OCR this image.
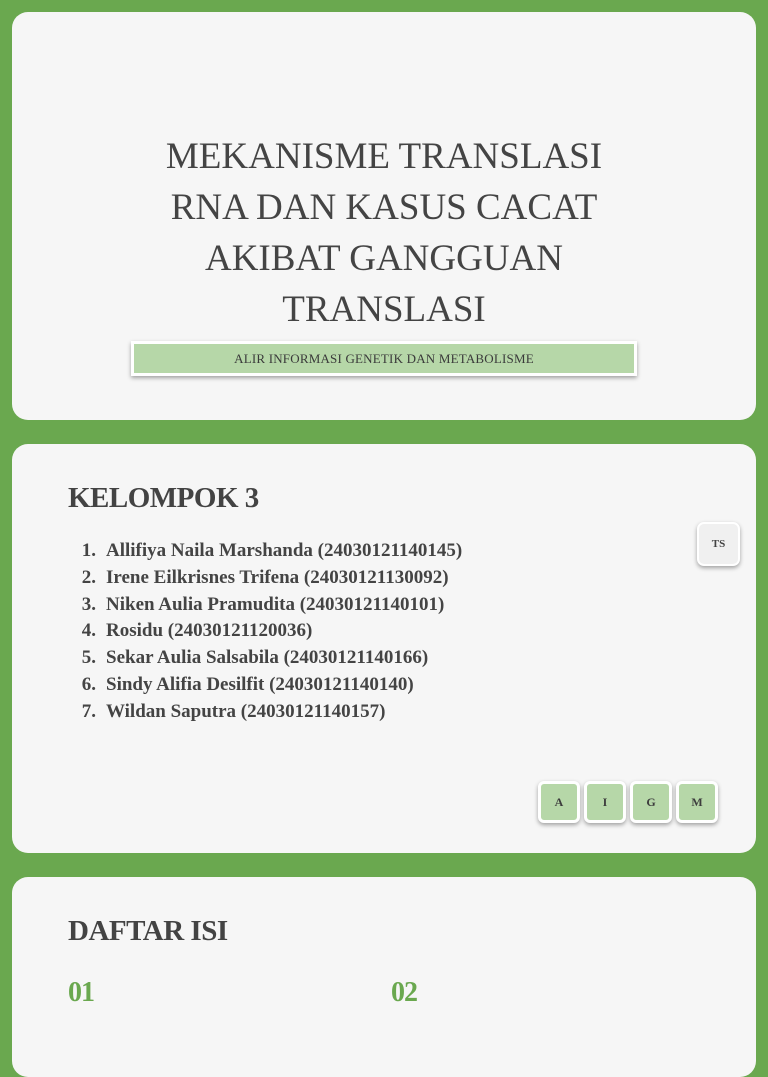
MEKANISME TRANSLASI
RNA DAN KASUS CACAT
AKIBAT GANGGUAN
TRANSLASI
ALIR INFORMASI GENETIK DAN METABOLISME
KELOMPOK 3
1. Allifiya Naila Marshanda (24030121140145)
2. Irene Eilkrisnes Trifena (24030121130092)
3. Niken Aulia Pramudita (24030121140101)
4. Rosidu (24030121120036)
5. Sekar Aulia Salsabila (24030121140166)
6. Sindy Alifia Desilfit (24030121140140)
7. Wildan Saputra (24030121140157)
TS
A	I	G	M
DAFTAR ISI
01	02
